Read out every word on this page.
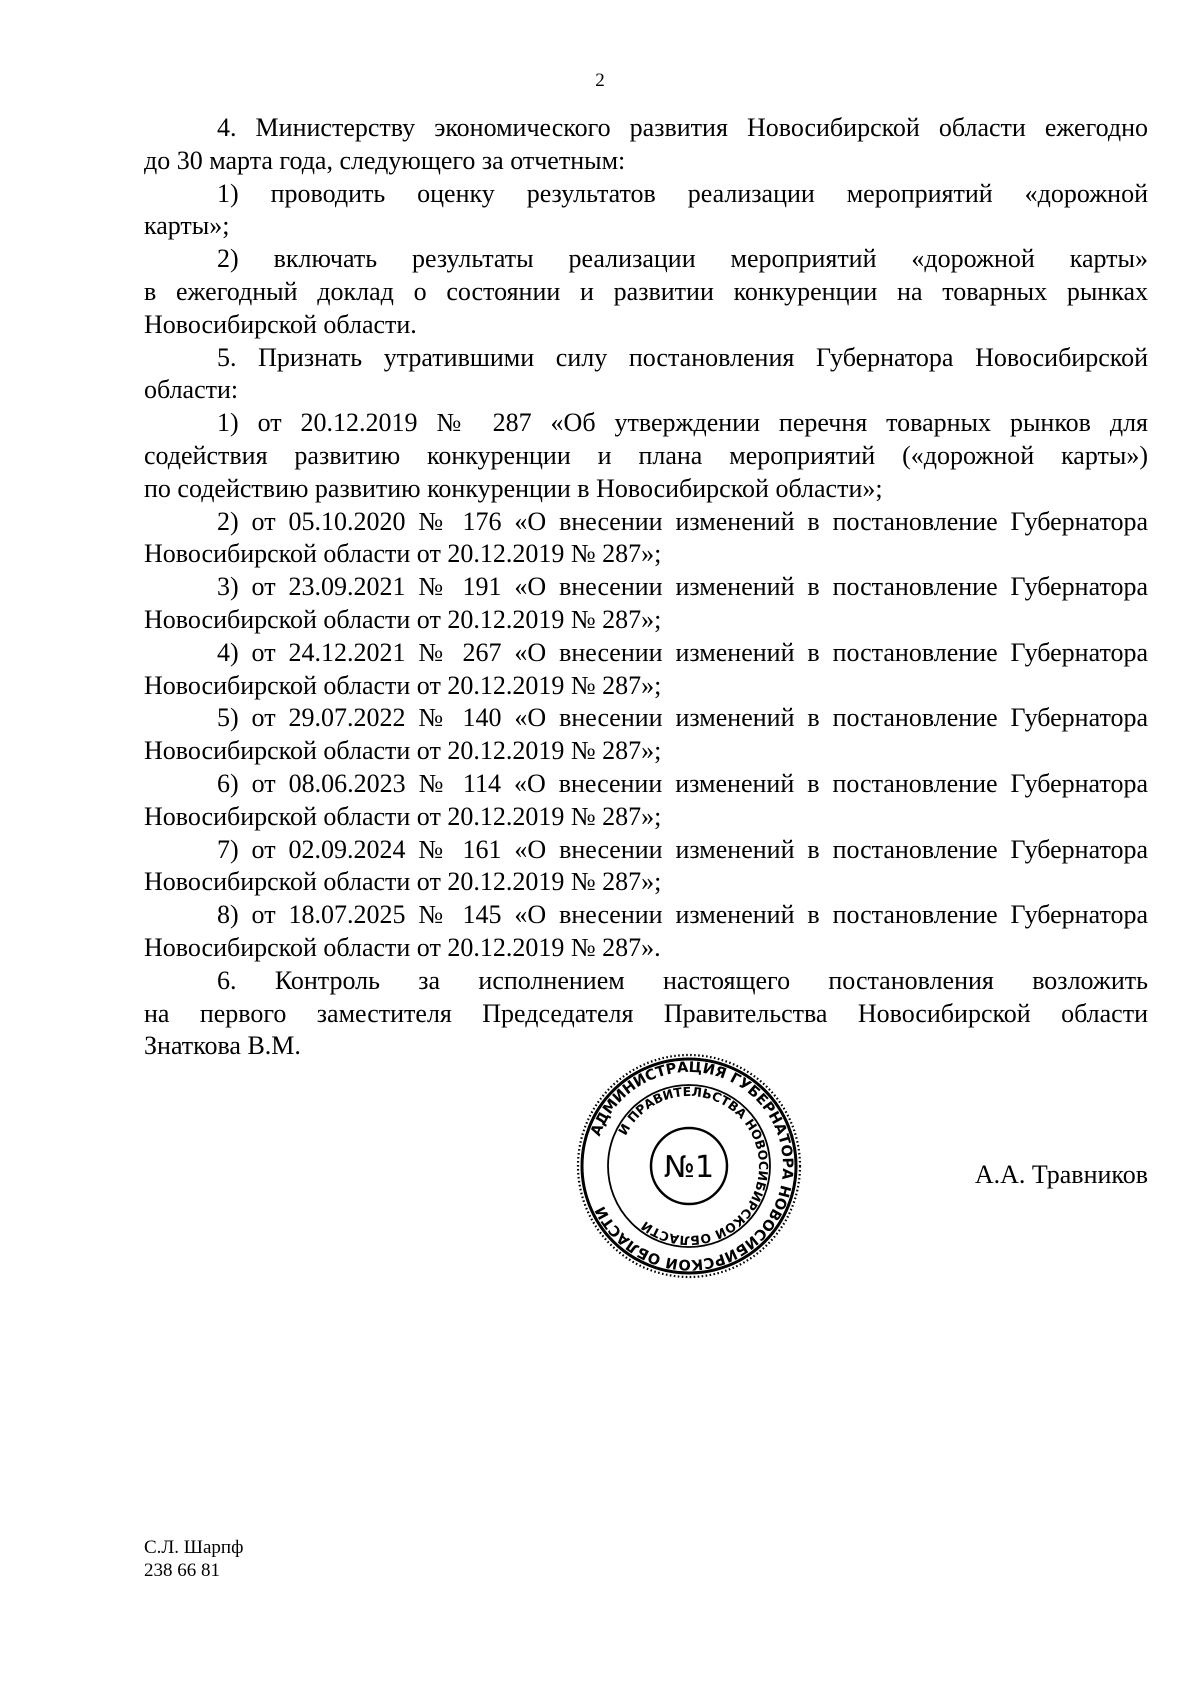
2
4. Министерству экономического развития Новосибирской области ежегодно
до 30 марта года, следующего за отчетным:
1) проводить оценку результатов реализации мероприятий «дорожной
карты»;
2) включать результаты реализации мероприятий «дорожной карты»
в ежегодный доклад о состоянии и развитии конкуренции на товарных рынках
Новосибирской области.
5. Признать утратившими силу постановления Губернатора Новосибирской
области:
1) от 20.12.2019 № 287 «Об утверждении перечня товарных рынков для
содействия развитию конкуренции и плана мероприятий («дорожной карты»)
по содействию развитию конкуренции в Новосибирской области»;
2) от 05.10.2020 № 176 «О внесении изменений в постановление Губернатора
Новосибирской области от 20.12.2019 № 287»;
3) от 23.09.2021 № 191 «О внесении изменений в постановление Губернатора
Новосибирской области от 20.12.2019 № 287»;
4) от 24.12.2021 № 267 «О внесении изменений в постановление Губернатора
Новосибирской области от 20.12.2019 № 287»;
5) от 29.07.2022 № 140 «О внесении изменений в постановление Губернатора
Новосибирской области от 20.12.2019 № 287»;
6) от 08.06.2023 № 114 «О внесении изменений в постановление Губернатора
Новосибирской области от 20.12.2019 № 287»;
7) от 02.09.2024 № 161 «О внесении изменений в постановление Губернатора
Новосибирской области от 20.12.2019 № 287»;
8) от 18.07.2025 № 145 «О внесении изменений в постановление Губернатора
Новосибирской области от 20.12.2019 № 287».
6. Контроль за исполнением настоящего постановления возложить
на первого заместителя Председателя Правительства Новосибирской области
Знаткова В.М.
АДМИНИСТРАЦИЯ ГУБЕРНАТОРА НОВОСИБИРСКОЙ ОБЛАСТИ
И ПРАВИТЕЛЬСТВА НОВОСИБИРСКОЙ ОБЛАСТИ
№1	А.А. Травников
С.Л. Шарпф
238 66 81
